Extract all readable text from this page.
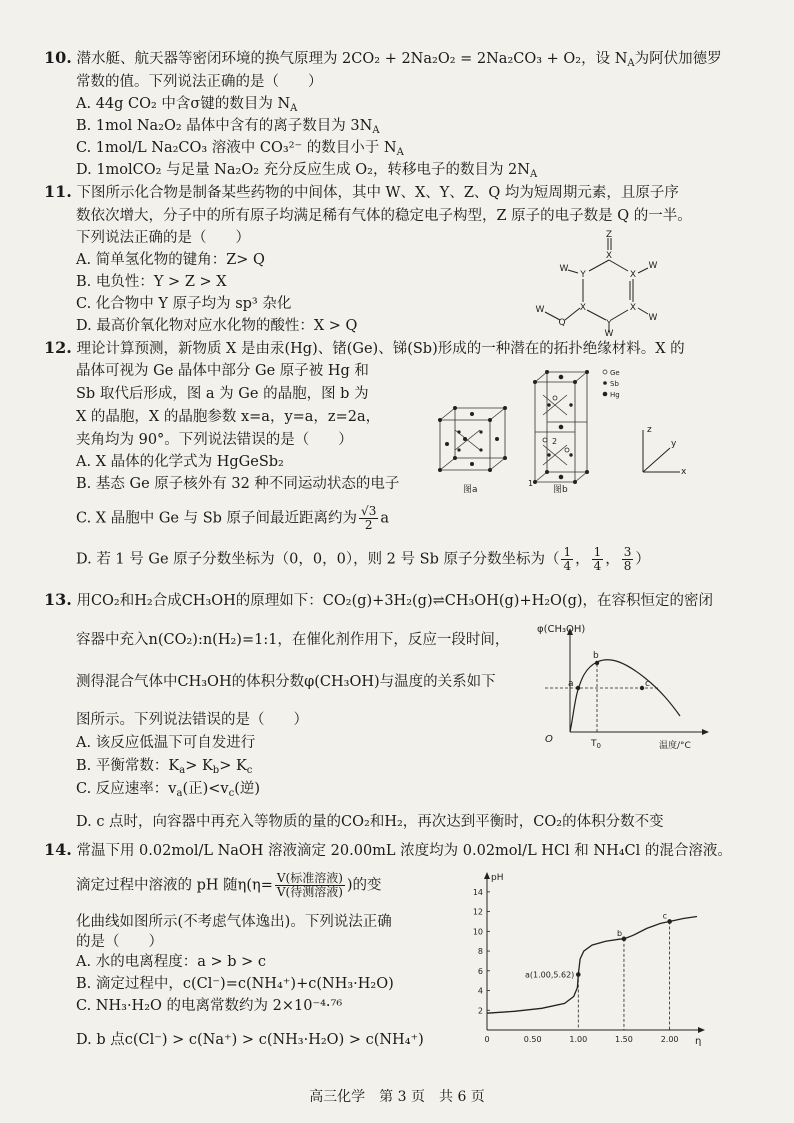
10. 潜水艇、航天器等密闭环境的换气原理为 2CO₂ + 2Na₂O₂ = 2Na₂CO₃ + O₂，设 $N_A$为阿伏加德罗
常数的值。下列说法正确的是（　　）
A. 44g CO₂ 中含σ键的数目为 $N_A$
B. 1mol Na₂O₂ 晶体中含有的离子数目为 $3N_A$
C. 1mol/L Na₂CO₃ 溶液中 CO₃²⁻ 的数目小于 $N_A$
D. 1molCO₂ 与足量 Na₂O₂ 充分反应生成 O₂，转移电子的数目为 $2N_A$
11. 下图所示化合物是制备某些药物的中间体，其中 W、X、Y、Z、Q 均为短周期元素，且原子序
数依次增大，分子中的所有原子均满足稀有气体的稳定电子构型，Z 原子的电子数是 Q 的一半。
下列说法正确的是（　　）
A. 简单氢化物的键角：Z> Q
B. 电负性：Y > Z > X
C. 化合物中 Y 原子均为 sp³ 杂化
D. 最高价氧化物对应水化物的酸性：X > Q
Z
X
Y	X
W	W
X	X
W
Y
Q
W
W
12. 理论计算预测，新物质 X 是由汞(Hg)、锗(Ge)、锑(Sb)形成的一种潜在的拓扑绝缘材料。X 的
晶体可视为 Ge 晶体中部分 Ge 原子被 Hg 和
Sb 取代后形成，图 a 为 Ge 的晶胞，图 b 为
X 的晶胞，X 的晶胞参数 x=a，y=a，z=2a，
夹角均为 90°。下列说法错误的是（　　）
A. X 晶体的化学式为 HgGeSb₂
B. 基态 Ge 原子核外有 32 种不同运动状态的电子
C. X 晶胞中 Ge 与 Sb 原子间最近距离约为 $\frac{√3}{2}$ a
D. 若 1 号 Ge 原子分数坐标为（0，0，0），则 2 号 Sb 原子分数坐标为（ $\frac{1}{4}$ ， $\frac{1}{4}$ ， $\frac{3}{8}$ ）
图a
1
2
图b
Ge
Sb
Hg
z
y
x
13. 用CO₂和H₂合成CH₃OH的原理如下：CO₂(g)+3H₂(g)⇌CH₃OH(g)+H₂O(g)，在容积恒定的密闭
容器中充入n(CO₂):n(H₂)=1:1，在催化剂作用下，反应一段时间，
测得混合气体中CH₃OH的体积分数φ(CH₃OH)与温度的关系如下
图所示。下列说法错误的是（　　）
A. 该反应低温下可自发进行
B. 平衡常数：$K_a> K_b> K_c$
C. 反应速率：$v_a$(正)$<v_c$(逆)
D. c 点时，向容器中再充入等物质的量的CO₂和H₂，再次达到平衡时，CO₂的体积分数不变
φ(CH₃OH)
O
温度/°C
$T_0$
a
b
c
14. 常温下用 0.02mol/L NaOH 溶液滴定 20.00mL 浓度均为 0.02mol/L HCl 和 NH₄Cl 的混合溶液。
滴定过程中溶液的 pH 随$\eta(\eta= \frac{\text{V(标准溶液)}}{\text{V(待测溶液)}}$ )的变
化曲线如图所示(不考虑气体逸出)。下列说法正确
的是（　　）
A. 水的电离程度：a > b > c
B. 滴定过程中，c(Cl⁻)=c(NH₄⁺)+c(NH₃·H₂O)
C. NH₃·H₂O 的电离常数约为 2×10⁻⁴·⁷⁶
D. b 点c(Cl⁻) > c(Na⁺) > c(NH₃·H₂O) > c(NH₄⁺)
pH
η
2
4
6
8
10
12
14
0	0.50	1.00	1.50	2.00
a(1.00,5.62)
b
c
高三化学　第 3 页　共 6 页
